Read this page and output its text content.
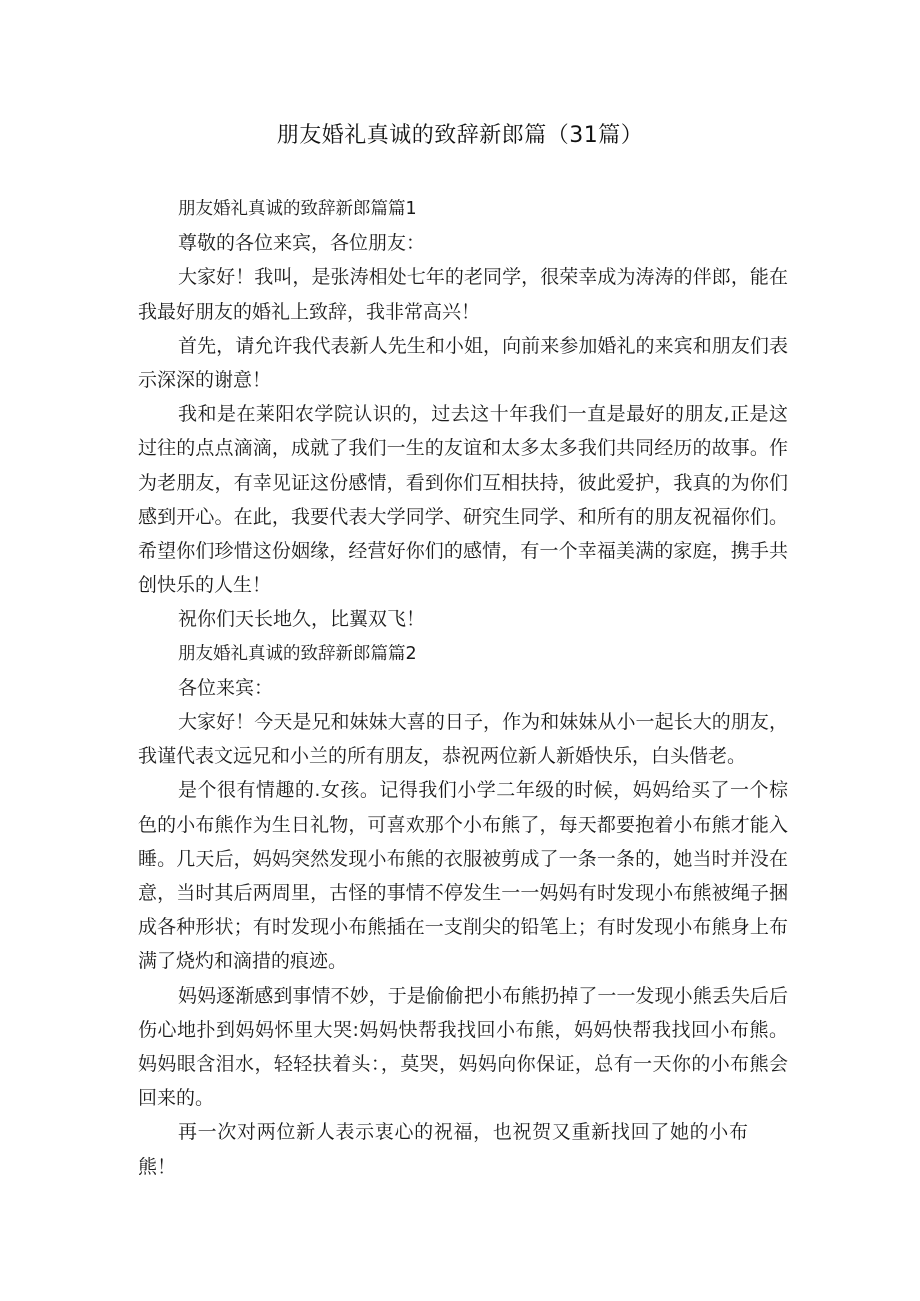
朋友婚礼真诚的致辞新郎篇（31篇）

朋友婚礼真诚的致辞新郎篇篇1

尊敬的各位来宾，各位朋友：

大家好！我叫，是张涛相处七年的老同学，很荣幸成为涛涛的伴郎，能在我最好朋友的婚礼上致辞，我非常高兴！

首先，请允许我代表新人先生和小姐，向前来参加婚礼的来宾和朋友们表示深深的谢意！

我和是在莱阳农学院认识的，过去这十年我们一直是最好的朋友,正是这过往的点点滴滴，成就了我们一生的友谊和太多太多我们共同经历的故事。作为老朋友，有幸见证这份感情，看到你们互相扶持，彼此爱护，我真的为你们感到开心。在此，我要代表大学同学、研究生同学、和所有的朋友祝福你们。希望你们珍惜这份姻缘，经营好你们的感情，有一个幸福美满的家庭，携手共创快乐的人生！

祝你们天长地久，比翼双飞！

朋友婚礼真诚的致辞新郎篇篇2

各位来宾：

大家好！今天是兄和妹妹大喜的日子，作为和妹妹从小一起长大的朋友，我谨代表文远兄和小兰的所有朋友，恭祝两位新人新婚快乐，白头偕老。

是个很有情趣的.女孩。记得我们小学二年级的时候，妈妈给买了一个棕色的小布熊作为生日礼物，可喜欢那个小布熊了，每天都要抱着小布熊才能入睡。几天后，妈妈突然发现小布熊的衣服被剪成了一条一条的，她当时并没在意，当时其后两周里，古怪的事情不停发生一一妈妈有时发现小布熊被绳子捆成各种形状；有时发现小布熊插在一支削尖的铅笔上；有时发现小布熊身上布满了烧灼和滴措的痕迹。

妈妈逐渐感到事情不妙，于是偷偷把小布熊扔掉了一一发现小熊丢失后后伤心地扑到妈妈怀里大哭:妈妈快帮我找回小布熊，妈妈快帮我找回小布熊。妈妈眼含泪水，轻轻扶着头：，莫哭，妈妈向你保证，总有一天你的小布熊会回来的。

再一次对两位新人表示衷心的祝福，也祝贺又重新找回了她的小布熊！
